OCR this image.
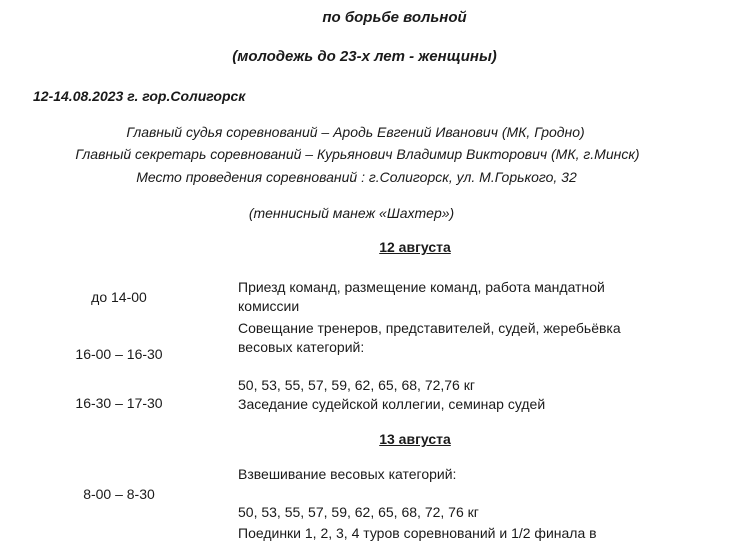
по борьбе вольной
(молодежь до 23-х лет - женщины)
12-14.08.2023 г. гор.Солигорск
Главный судья соревнований – Ародь Евгений Иванович (МК, Гродно)
Главный секретарь соревнований – Курьянович Владимир Викторович (МК, г.Минск)
Место проведения соревнований : г.Солигорск, ул. М.Горького, 32
(теннисный манеж «Шахтер»)
12 августа
до 14-00
Приезд команд, размещение команд, работа мандатной
комиссии
16-00 – 16-30
Совещание тренеров, представителей, судей, жеребьёвка
весовых категорий:
50, 53, 55, 57, 59, 62, 65, 68, 72,76 кг
16-30 – 17-30	Заседание судейской коллегии, семинар судей
13 августа
8-00 – 8-30
Взвешивание весовых категорий:
50, 53, 55, 57, 59, 62, 65, 68, 72, 76 кг
Поединки 1, 2, 3, 4 туров соревнований и 1/2 финала в
